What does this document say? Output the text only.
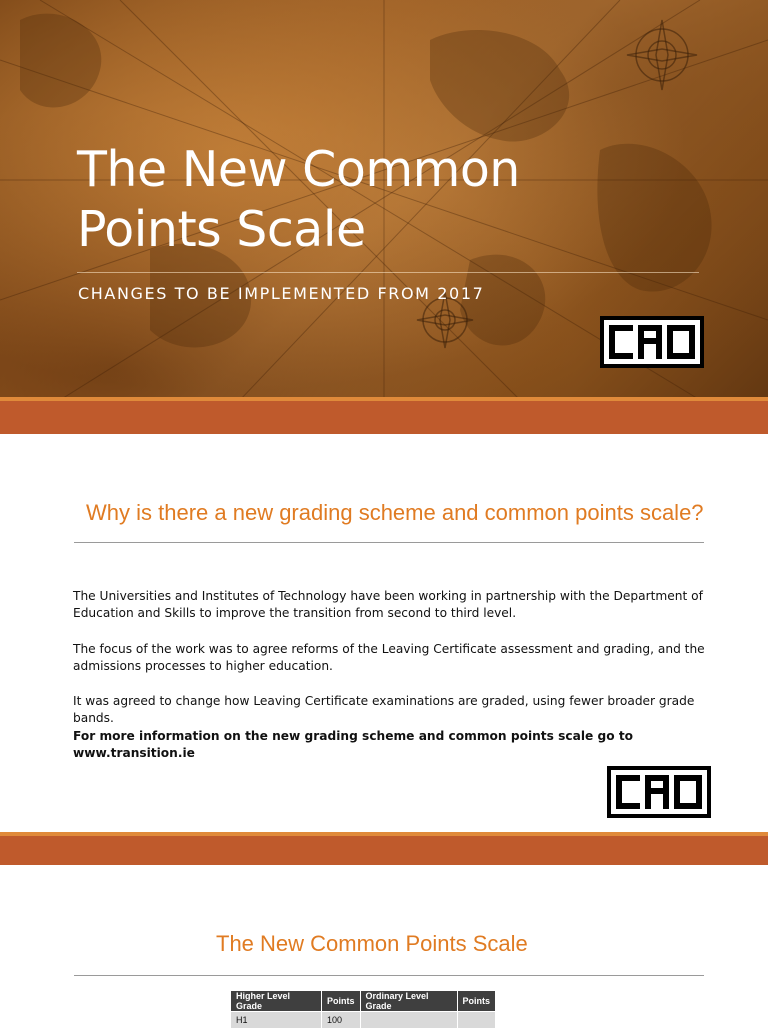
The New Common
Points Scale
CHANGES TO BE IMPLEMENTED FROM 2017
Why is there a new grading scheme and common points scale?

The Universities and Institutes of Technology have been working in partnership with the Department of Education and Skills to improve the transition from second to third level.

The focus of the work was to agree reforms of the Leaving Certificate assessment and grading, and the admissions processes to higher education.

It was agreed to change how Leaving Certificate examinations are graded, using fewer broader grade bands.

For more information on the new grading scheme and common points scale go to www.transition.ie

The New Common Points Scale
Higher Level Grade	Points	Ordinary Level Grade	Points
H1	100		
